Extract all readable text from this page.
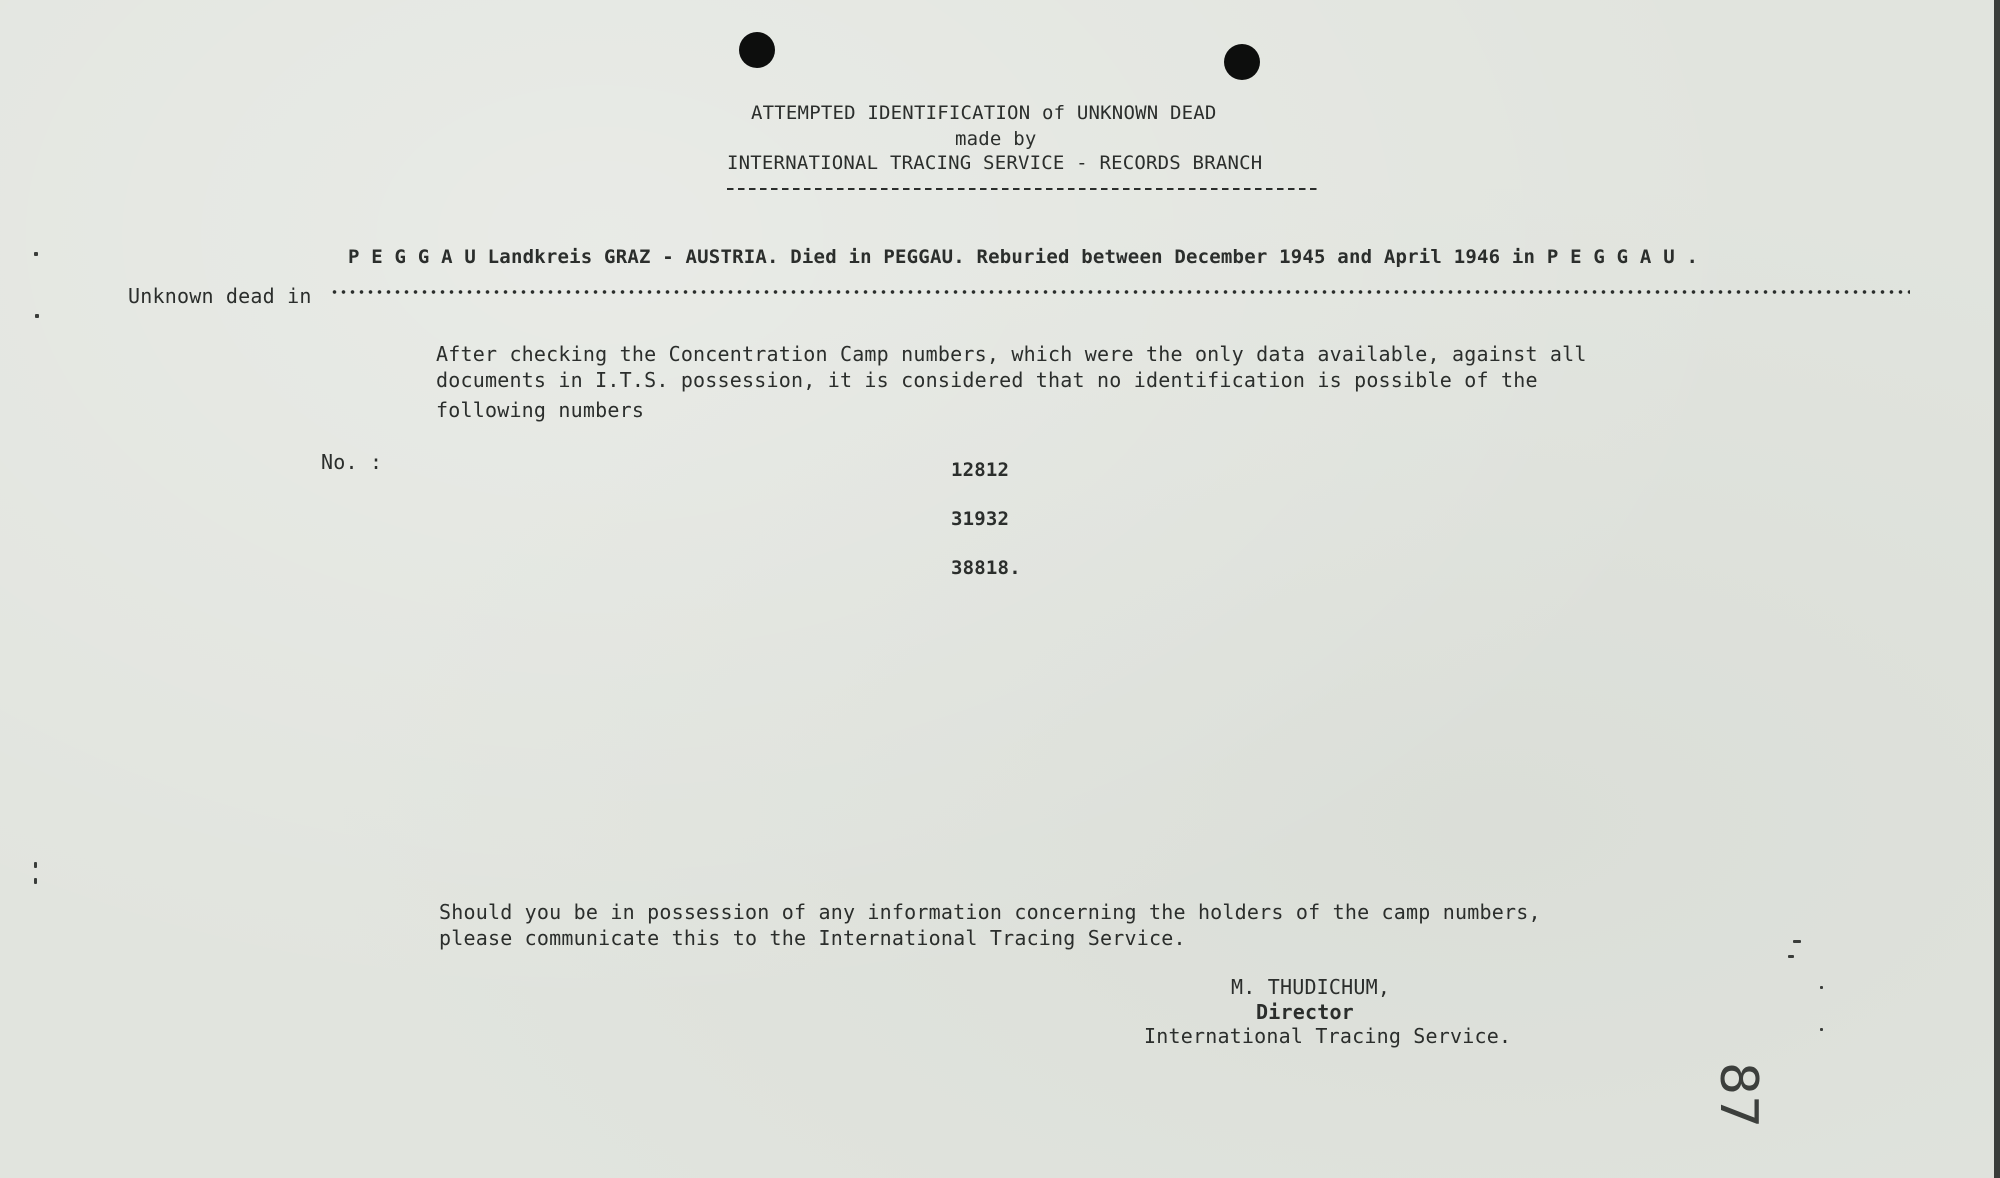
ATTEMPTED IDENTIFICATION of UNKNOWN DEAD
made by
INTERNATIONAL TRACING SERVICE - RECORDS BRANCH
P E G G A U Landkreis GRAZ - AUSTRIA. Died in PEGGAU. Reburied between December 1945 and April 1946 in P E G G A U .
Unknown dead in
After checking the Concentration Camp numbers, which were the only data available, against all
documents in I.T.S. possession, it is considered that no identification is possible of the
following numbers
No. :	12812
31932
38818.
Should you be in possession of any information concerning the holders of the camp numbers,
please communicate this to the International Tracing Service.
M. THUDICHUM,
Director
International Tracing Service.
87
